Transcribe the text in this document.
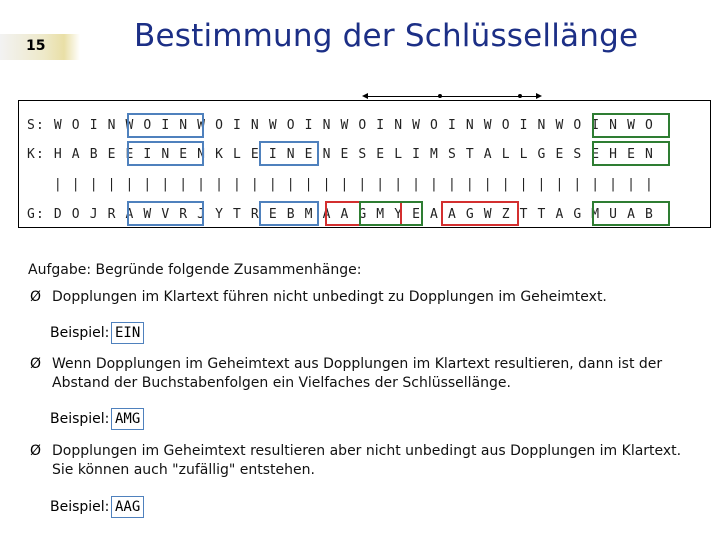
15	Bestimmung der Schlüssellänge
S: W O I N W O I N W O I N W O I N W O I N W O I N W O I N W O I N W O
K: H A B E E I N E N K L E I N E N E S E L I M S T A L L G E S E H E N
| | | | | | | | | | | | | | | | | | | | | | | | | | | | | | | | | |
G: D O J R A W V R J Y T R E B M A A G M Y E A A G W Z T T A G M U A B
Aufgabe: Begründe folgende Zusammenhänge:
Ø Dopplungen im Klartext führen nicht unbedingt zu Dopplungen im Geheimtext.
Beispiel: EIN
Ø Wenn Dopplungen im Geheimtext aus Dopplungen im Klartext resultieren, dann ist der
Abstand der Buchstabenfolgen ein Vielfaches der Schlüssellänge.
Beispiel: AMG
Ø Dopplungen im Geheimtext resultieren aber nicht unbedingt aus Dopplungen im Klartext.
Sie können auch "zufällig" entstehen.
Beispiel: AAG
